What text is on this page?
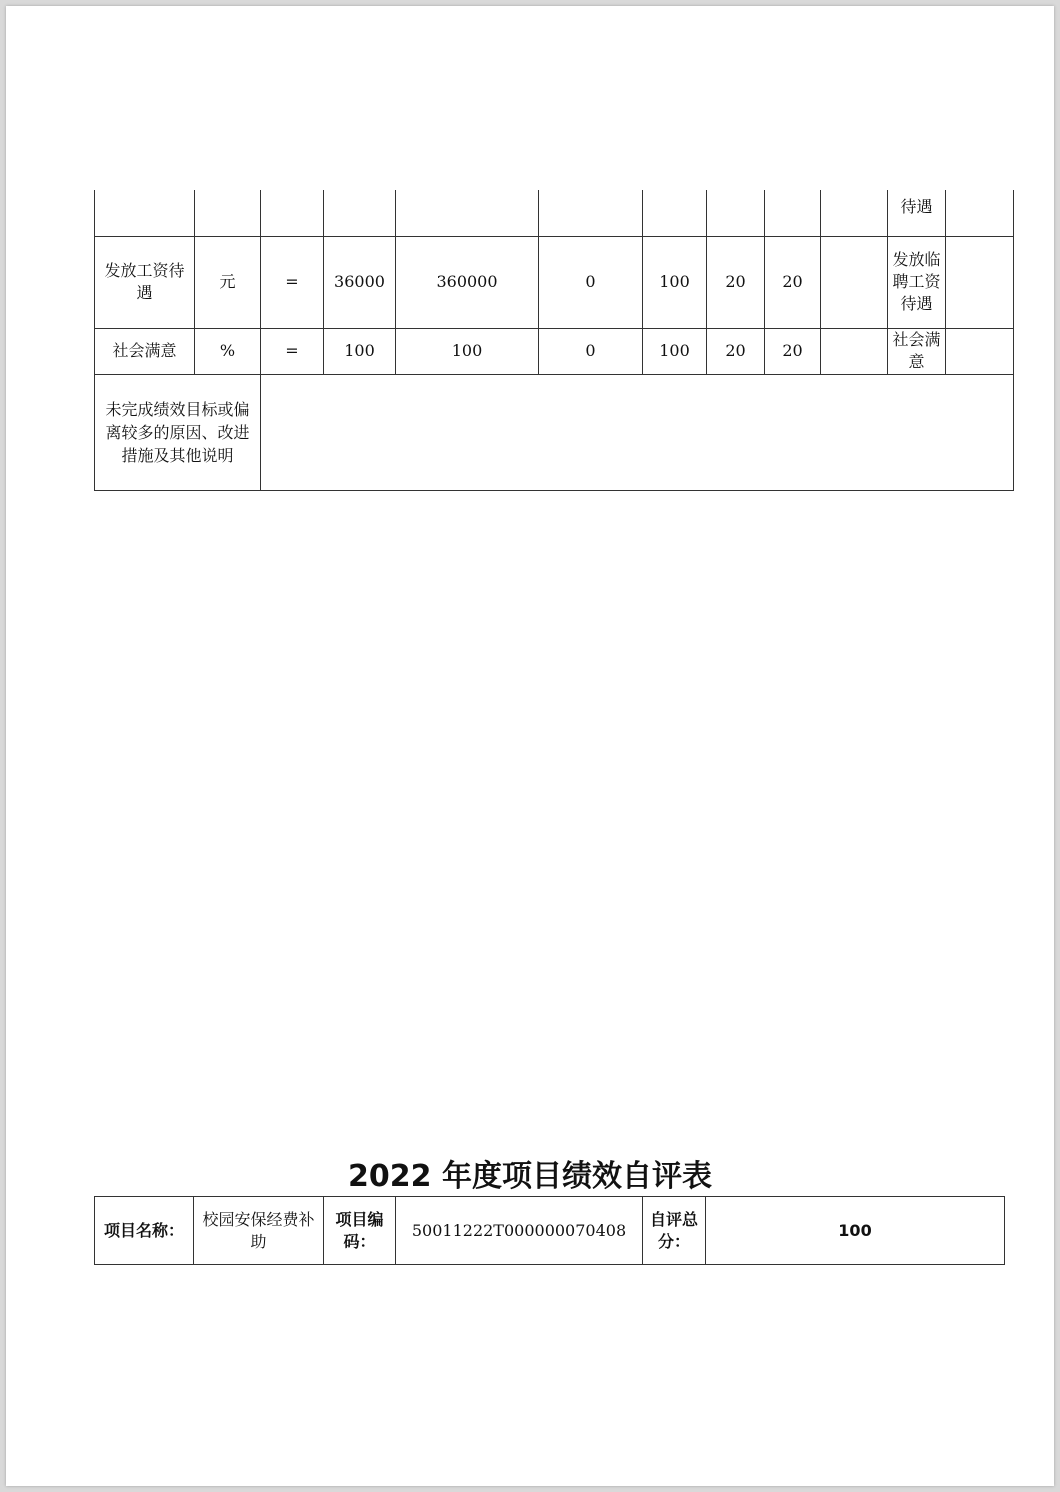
										待遇	
发放工资待遇	元	=	36000	360000	0	100	20	20		发放临聘工资待遇	
社会满意	%	=	100	100	0	100	20	20		社会满意	
未完成绩效目标或偏离较多的原因、改进措施及其他说明											
2022 年度项目绩效自评表
项目名称：	校园安保经费补助	项目编码：	50011222T000000070408	自评总分：	100
